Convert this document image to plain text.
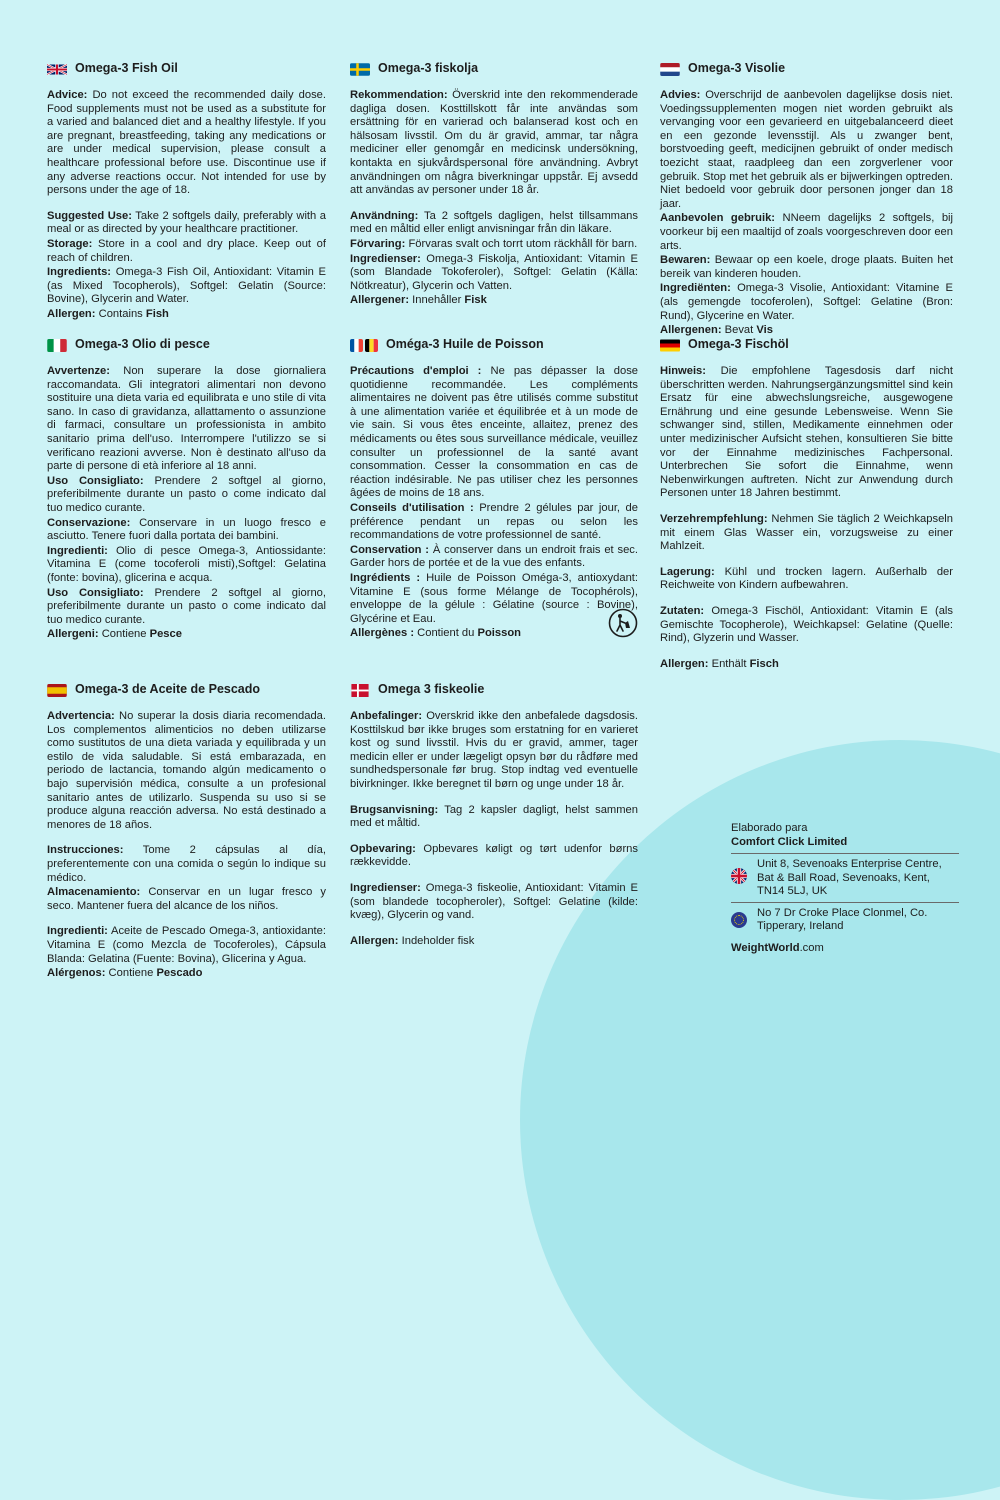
Omega-3 Fish Oil

Advice: Do not exceed the recommended daily dose. Food supplements must not be used as a substitute for a varied and balanced diet and a healthy lifestyle. If you are pregnant, breastfeeding, taking any medications or are under medical supervision, please consult a healthcare professional before use. Discontinue use if any adverse reactions occur. Not intended for use by persons under the age of 18.

Suggested Use: Take 2 softgels daily, preferably with a meal or as directed by your healthcare practitioner.

Storage: Store in a cool and dry place. Keep out of reach of children.

Ingredients: Omega-3 Fish Oil, Antioxidant: Vitamin E (as Mixed Tocopherols), Softgel: Gelatin (Source: Bovine), Glycerin and Water.

Allergen: Contains Fish

Omega-3 fiskolja

Rekommendation: Överskrid inte den rekommenderade dagliga dosen. Kosttillskott får inte användas som ersättning för en varierad och balanserad kost och en hälsosam livsstil. Om du är gravid, ammar, tar några mediciner eller genomgår en medicinsk undersökning, kontakta en sjukvårdspersonal före användning. Avbryt användningen om några biverkningar uppstår. Ej avsedd att användas av personer under 18 år.

Användning: Ta 2 softgels dagligen, helst tillsammans med en måltid eller enligt anvisningar från din läkare.

Förvaring: Förvaras svalt och torrt utom räckhåll för barn.

Ingredienser: Omega-3 Fiskolja, Antioxidant: Vitamin E (som Blandade Tokoferoler), Softgel: Gelatin (Källa: Nötkreatur), Glycerin och Vatten.

Allergener: Innehåller Fisk

Omega-3 Visolie

Advies: Overschrijd de aanbevolen dagelijkse dosis niet. Voedingssupplementen mogen niet worden gebruikt als vervanging voor een gevarieerd en uitgebalanceerd dieet en een gezonde levensstijl. Als u zwanger bent, borstvoeding geeft, medicijnen gebruikt of onder medisch toezicht staat, raadpleeg dan een zorgverlener voor gebruik. Stop met het gebruik als er bijwerkingen optreden. Niet bedoeld voor gebruik door personen jonger dan 18 jaar.

Aanbevolen gebruik: NNeem dagelijks 2 softgels, bij voorkeur bij een maaltijd of zoals voorgeschreven door een arts.

Bewaren: Bewaar op een koele, droge plaats. Buiten het bereik van kinderen houden.

Ingrediënten: Omega-3 Visolie, Antioxidant: Vitamine E (als gemengde tocoferolen), Softgel: Gelatine (Bron: Rund), Glycerine en Water.

Allergenen: Bevat Vis

Omega-3 Olio di pesce

Avvertenze: Non superare la dose giornaliera raccomandata. Gli integratori alimentari non devono sostituire una dieta varia ed equilibrata e uno stile di vita sano. In caso di gravidanza, allattamento o assunzione di farmaci, consultare un professionista in ambito sanitario prima dell'uso. Interrompere l'utilizzo se si verificano reazioni avverse. Non è destinato all'uso da parte di persone di età inferiore al 18 anni.

Uso Consigliato: Prendere 2 softgel al giorno, preferibilmente durante un pasto o come indicato dal tuo medico curante.

Conservazione: Conservare in un luogo fresco e asciutto. Tenere fuori dalla portata dei bambini.

Ingredienti: Olio di pesce Omega-3, Antiossidante: Vitamina E (come tocoferoli misti),Softgel: Gelatina (fonte: bovina), glicerina e acqua.

Uso Consigliato: Prendere 2 softgel al giorno, preferibilmente durante un pasto o come indicato dal tuo medico curante.

Allergeni: Contiene Pesce

Oméga-3 Huile de Poisson

Précautions d'emploi : Ne pas dépasser la dose quotidienne recommandée. Les compléments alimentaires ne doivent pas être utilisés comme substitut à une alimentation variée et équilibrée et à un mode de vie sain. Si vous êtes enceinte, allaitez, prenez des médicaments ou êtes sous surveillance médicale, veuillez consulter un professionnel de la santé avant consommation. Cesser la consommation en cas de réaction indésirable. Ne pas utiliser chez les personnes âgées de moins de 18 ans.

Conseils d'utilisation : Prendre 2 gélules par jour, de préférence pendant un repas ou selon les recommandations de votre professionnel de santé.

Conservation : À conserver dans un endroit frais et sec. Garder hors de portée et de la vue des enfants.

Ingrédients : Huile de Poisson Oméga-3, antioxydant: Vitamine E (sous forme Mélange de Tocophérols), enveloppe de la gélule : Gélatine (source : Bovine), Glycérine et Eau.

Allergènes : Contient du Poisson

Omega-3 Fischöl

Hinweis: Die empfohlene Tagesdosis darf nicht überschritten werden. Nahrungsergänzungsmittel sind kein Ersatz für eine abwechslungsreiche, ausgewogene Ernährung und eine gesunde Lebensweise. Wenn Sie schwanger sind, stillen, Medikamente einnehmen oder unter medizinischer Aufsicht stehen, konsultieren Sie bitte vor der Einnahme medizinisches Fachpersonal. Unterbrechen Sie sofort die Einnahme, wenn Nebenwirkungen auftreten. Nicht zur Anwendung durch Personen unter 18 Jahren bestimmt.

Verzehrempfehlung: Nehmen Sie täglich 2 Weichkapseln mit einem Glas Wasser ein, vorzugsweise zu einer Mahlzeit.

Lagerung: Kühl und trocken lagern. Außerhalb der Reichweite von Kindern aufbewahren.

Zutaten: Omega-3 Fischöl, Antioxidant: Vitamin E (als Gemischte Tocopherole), Weichkapsel: Gelatine (Quelle: Rind), Glyzerin und Wasser.

Allergen: Enthält Fisch

Omega-3 de Aceite de Pescado

Advertencia: No superar la dosis diaria recomendada. Los complementos alimenticios no deben utilizarse como sustitutos de una dieta variada y equilibrada y un estilo de vida saludable. Si está embarazada, en periodo de lactancia, tomando algún medicamento o bajo supervisión médica, consulte a un profesional sanitario antes de utilizarlo. Suspenda su uso si se produce alguna reacción adversa. No está destinado a menores de 18 años.

Instrucciones: Tome 2 cápsulas al día, preferentemente con una comida o según lo indique su médico.

Almacenamiento: Conservar en un lugar fresco y seco. Mantener fuera del alcance de los niños.

Ingredienti: Aceite de Pescado Omega-3, antioxidante: Vitamina E (como Mezcla de Tocoferoles), Cápsula Blanda: Gelatina (Fuente: Bovina), Glicerina y Agua.

Alérgenos: Contiene Pescado

Omega 3 fiskeolie

Anbefalinger: Overskrid ikke den anbefalede dagsdosis. Kosttilskud bør ikke bruges som erstatning for en varieret kost og sund livsstil. Hvis du er gravid, ammer, tager medicin eller er under lægeligt opsyn bør du rådføre med sundhedspersonale før brug. Stop indtag ved eventuelle bivirkninger. Ikke beregnet til børn og unge under 18 år.

Brugsanvisning: Tag 2 kapsler dagligt, helst sammen med et måltid.

Opbevaring: Opbevares køligt og tørt udenfor børns rækkevidde.

Ingredienser: Omega-3 fiskeolie, Antioxidant: Vitamin E (som blandede tocopheroler), Softgel: Gelatine (kilde: kvæg), Glycerin og vand.

Allergen: Indeholder fisk

Elaborado para

Comfort Click Limited

Unit 8, Sevenoaks Enterprise Centre, Bat & Ball Road, Sevenoaks, Kent, TN14 5LJ, UK
No 7 Dr Croke Place Clonmel, Co. Tipperary, Ireland
WeightWorld.com
